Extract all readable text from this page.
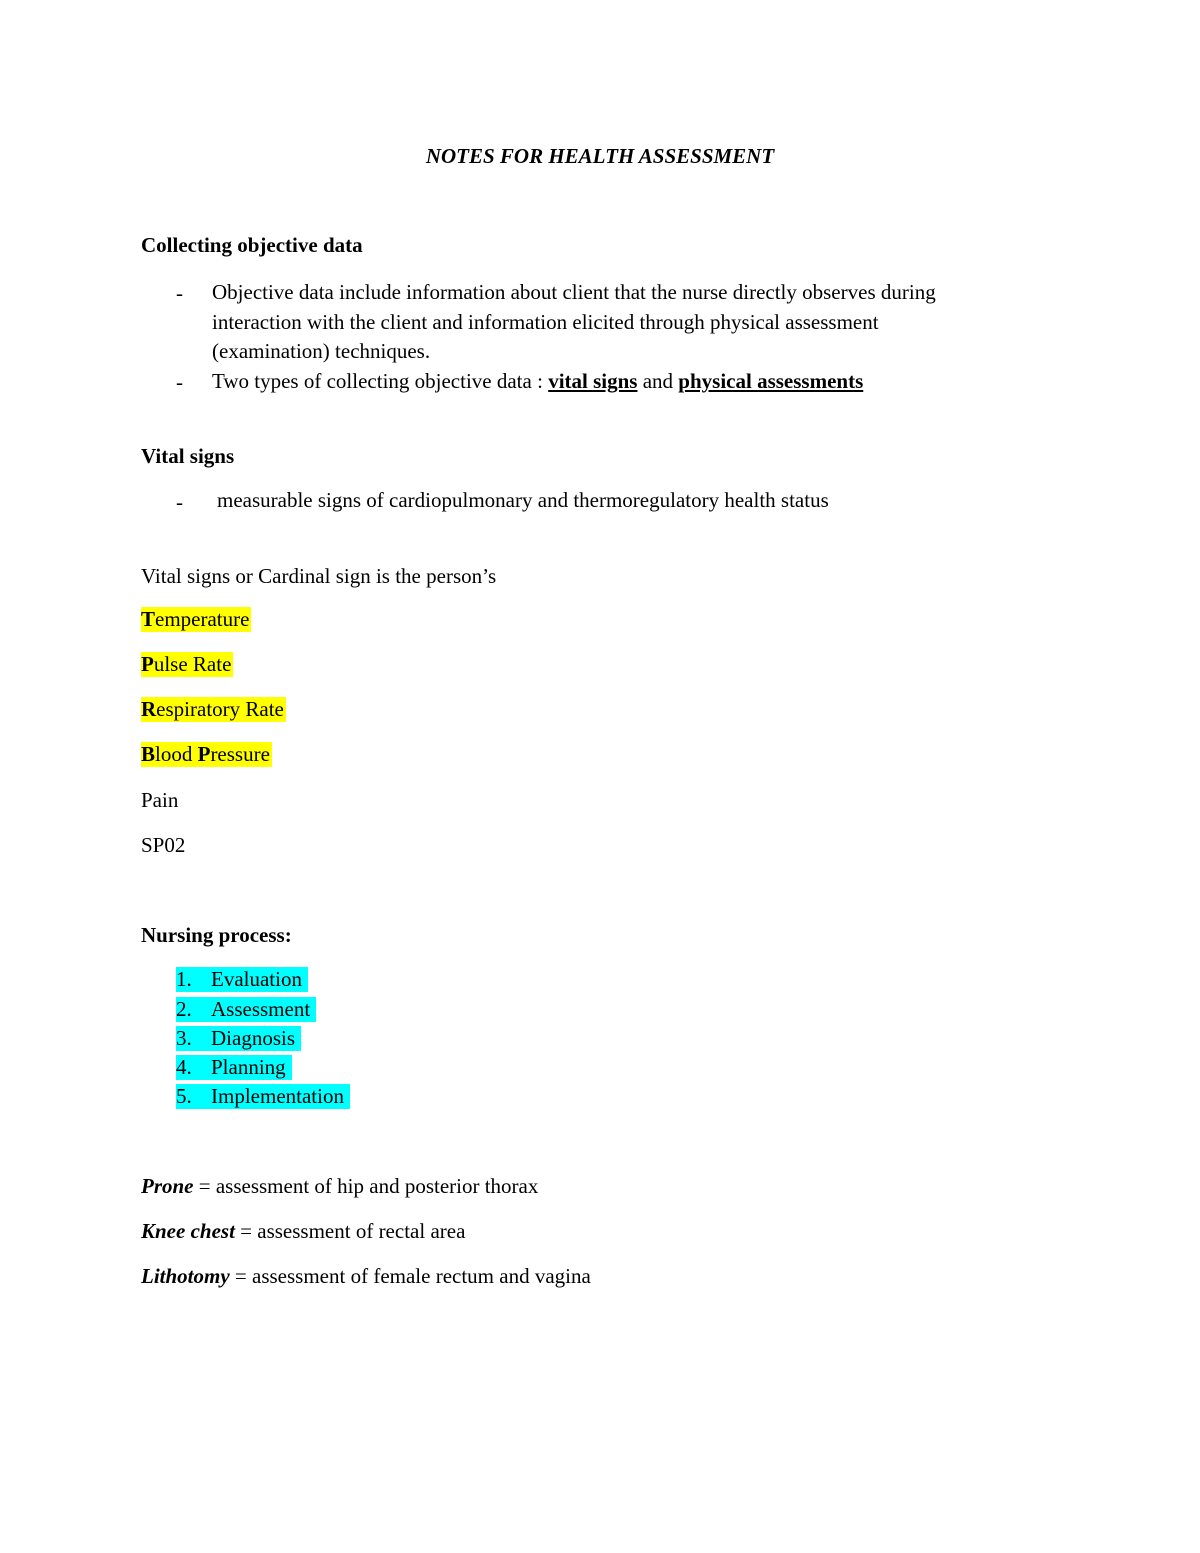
NOTES FOR HEALTH ASSESSMENT
Collecting objective data
- Objective data include information about client that the nurse directly observes during
interaction with the client and information elicited through physical assessment
(examination) techniques.
- Two types of collecting objective data : vital signs and physical assessments
Vital signs
- measurable signs of cardiopulmonary and thermoregulatory health status
Vital signs or Cardinal sign is the person’s
Temperature
Pulse Rate
Respiratory Rate
Blood Pressure
Pain
SP02
Nursing process:
1. Evaluation
2. Assessment
3. Diagnosis
4. Planning
5. Implementation
Prone = assessment of hip and posterior thorax
Knee chest = assessment of rectal area
Lithotomy = assessment of female rectum and vagina
